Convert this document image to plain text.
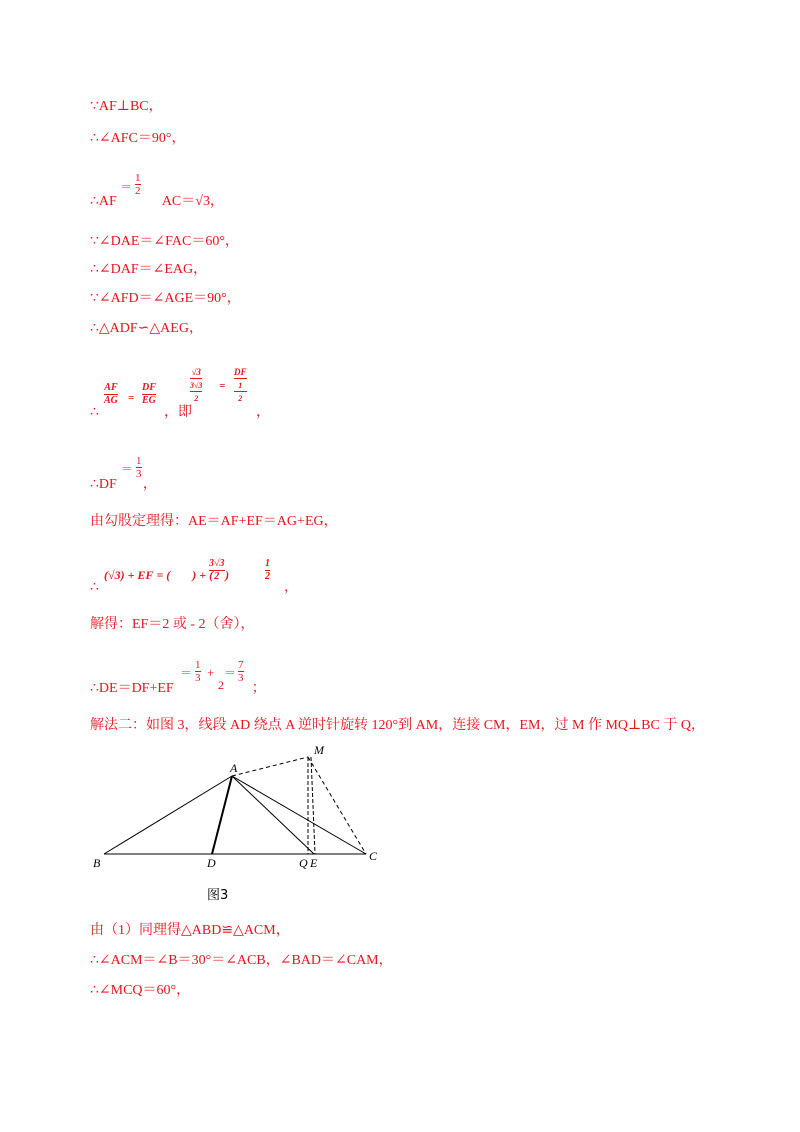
∵AF⊥BC，
∴∠AFC＝90°，
∴AF	AC＝√3，
＝
1
2
∵∠DAE＝∠FAC＝60°，
∴∠DAF＝∠EAG，
∵∠AFD＝∠AGE＝90°，
∴△ADF∽△AEG，
∴
AF
AG =
DF
EG
，即
√3
3√3
2
=
DF
1
2
，
∴DF ，
＝
1
3
由勾股定理得：AE＝AF+EF＝AG+EG，
∴
(√3) + EF = ( ) + ( )
3√3
2
1
2
，
解得：EF＝2 或 - 2（舍），
∴DE＝DF+EF	；
＝
1
3 +
2
＝
7
3
解法二：如图 3，线段 AD 绕点 A 逆时针旋转 120°到 AM，连接 CM，EM，过 M 作 MQ⊥BC 于 Q，
A
M
B	D	Q E	C
图3
由（1）同理得△ABD≌△ACM，
∴∠ACM＝∠B＝30°＝∠ACB，∠BAD＝∠CAM，
∴∠MCQ＝60°，
